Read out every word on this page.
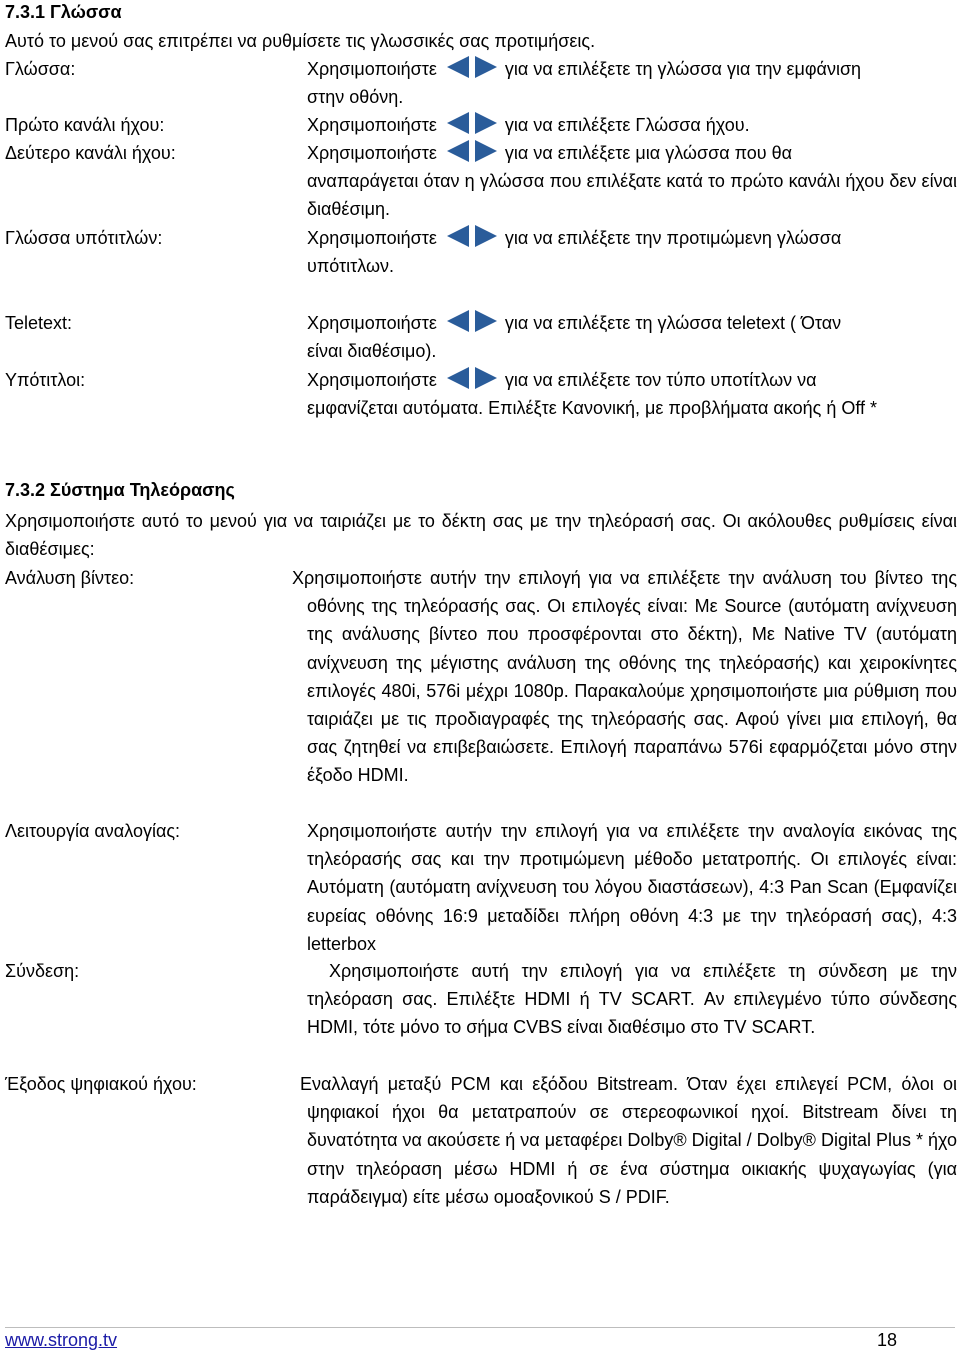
7.3.1 Γλώσσα
Αυτό το μενού σας επιτρέπει να ρυθμίσετε τις γλωσσικές σας προτιμήσεις.
Γλώσσα:	Χρησιμοποιήστε	για να επιλέξετε τη γλώσσα για την εμφάνιση
στην οθόνη.
Πρώτο κανάλι ήχου:	Χρησιμοποιήστε	για να επιλέξετε Γλώσσα ήχου.
Δεύτερο κανάλι ήχου:	Χρησιμοποιήστε	για να επιλέξετε μια γλώσσα που θα
αναπαράγεται όταν η γλώσσα που επιλέξατε κατά το πρώτο κανάλι ήχου δεν είναι διαθέσιμη.
Γλώσσα υπότιτλών:	Χρησιμοποιήστε	για να επιλέξετε την προτιμώμενη γλώσσα
υπότιτλων.
Teletext:	Χρησιμοποιήστε	για να επιλέξετε τη γλώσσα teletext ( Όταν
είναι διαθέσιμο).
Υπότιτλοι:	Χρησιμοποιήστε	για να επιλέξετε τον τύπο υποτίτλων να
εμφανίζεται αυτόματα. Επιλέξτε Κανονική, με προβλήματα ακοής ή Off *
7.3.2 Σύστημα Τηλεόρασης
Χρησιμοποιήστε αυτό το μενού για να ταιριάζει με το δέκτη σας με την τηλεόρασή σας. Οι ακόλουθες ρυθμίσεις είναι διαθέσιμες:
Ανάλυση βίντεο:	Χρησιμοποιήστε αυτήν την επιλογή για να επιλέξετε την ανάλυση του βίντεο της οθόνης της τηλεόρασής σας. Οι επιλογές είναι: Με Source (αυτόματη ανίχνευση της ανάλυσης βίντεο που προσφέρονται στο δέκτη), Με Native TV (αυτόματη ανίχνευση της μέγιστης ανάλυση της οθόνης της τηλεόρασής) και χειροκίνητες επιλογές 480i, 576i μέχρι 1080p. Παρακαλούμε χρησιμοποιήστε μια ρύθμιση που ταιριάζει με τις προδιαγραφές της τηλεόρασής σας. Αφού γίνει μια επιλογή, θα σας ζητηθεί να επιβεβαιώσετε. Επιλογή παραπάνω 576i εφαρμόζεται μόνο στην έξοδο HDMI.
Λειτουργία αναλογίας:	Χρησιμοποιήστε αυτήν την επιλογή για να επιλέξετε την αναλογία εικόνας της τηλεόρασής σας και την προτιμώμενη μέθοδο μετατροπής. Οι επιλογές είναι: Αυτόματη (αυτόματη ανίχνευση του λόγου διαστάσεων), 4:3 Pan Scan (Εμφανίζει ευρείας οθόνης 16:9 μεταδίδει πλήρη οθόνη 4:3 με την τηλεόρασή σας), 4:3 letterbox
Σύνδεση:	Χρησιμοποιήστε αυτή την επιλογή για να επιλέξετε τη σύνδεση με την τηλεόραση σας. Επιλέξτε HDMI ή TV SCART. Αν επιλεγμένο τύπο σύνδεσης HDMI, τότε μόνο το σήμα CVBS είναι διαθέσιμο στο TV SCART.
Έξοδος ψηφιακού ήχου:	Εναλλαγή μεταξύ PCM και εξόδου Bitstream. Όταν έχει επιλεγεί PCM, όλοι οι ψηφιακοί ήχοι θα μετατραπούν σε στερεοφωνικοί ηχοί. Bitstream δίνει τη δυνατότητα να ακούσετε ή να μεταφέρει Dolby® Digital / Dolby® Digital Plus * ήχο στην τηλεόραση μέσω HDMI ή σε ένα σύστημα οικιακής ψυχαγωγίας (για παράδειγμα) είτε μέσω ομοαξονικού S / PDIF.
www.strong.tv	18
